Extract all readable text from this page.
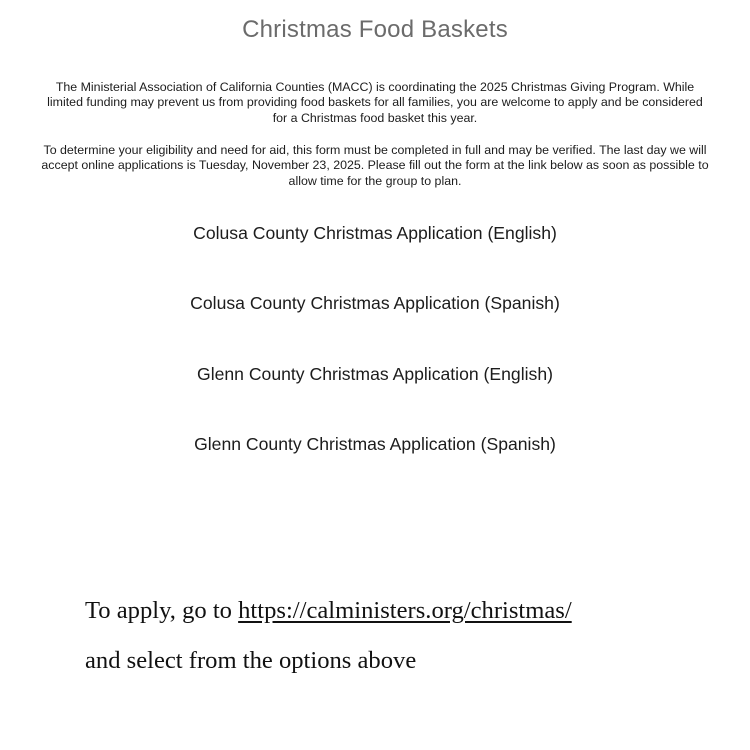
Christmas Food Baskets
The Ministerial Association of California Counties (MACC) is coordinating the 2025 Christmas Giving Program. While limited funding may prevent us from providing food baskets for all families, you are welcome to apply and be considered for a Christmas food basket this year.
To determine your eligibility and need for aid, this form must be completed in full and may be verified. The last day we will accept online applications is Tuesday, November 23, 2025. Please fill out the form at the link below as soon as possible to allow time for the group to plan.
Colusa County Christmas Application (English)
Colusa County Christmas Application (Spanish)
Glenn County Christmas Application (English)
Glenn County Christmas Application (Spanish)
To apply, go to https://calministers.org/christmas/
and select from the options above
